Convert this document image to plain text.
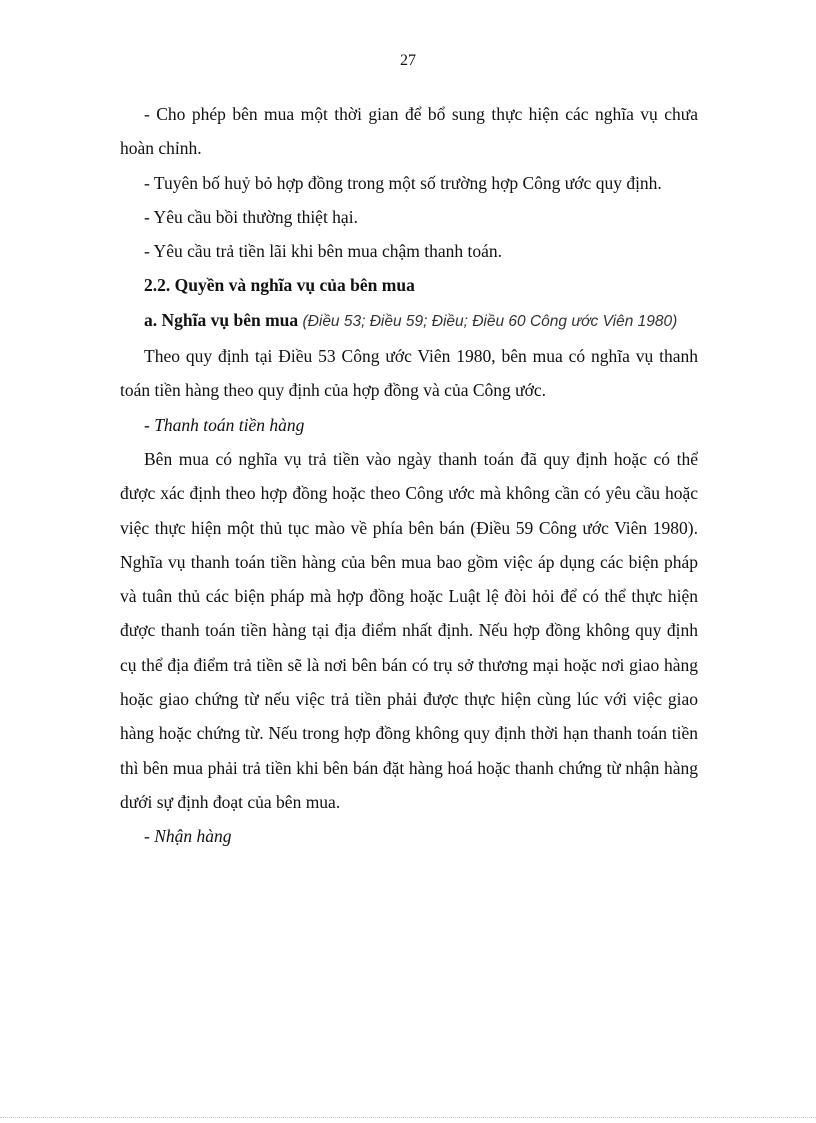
27

- Cho phép bên mua một thời gian để bổ sung thực hiện các nghĩa vụ chưa hoàn chỉnh.

- Tuyên bố huỷ bỏ hợp đồng trong một số trường hợp Công ước quy định.

- Yêu cầu bồi thường thiệt hại.

- Yêu cầu trả tiền lãi khi bên mua chậm thanh toán.

2.2. Quyền và nghĩa vụ của bên mua

a. Nghĩa vụ bên mua (Điều 53; Điều 59; Điều; Điều 60 Công ước Viên 1980)

Theo quy định tại Điều 53 Công ước Viên 1980, bên mua có nghĩa vụ thanh toán tiền hàng theo quy định của hợp đồng và của Công ước.

- Thanh toán tiền hàng

Bên mua có nghĩa vụ trả tiền vào ngày thanh toán đã quy định hoặc có thể được xác định theo hợp đồng hoặc theo Công ước mà không cần có yêu cầu hoặc việc thực hiện một thủ tục mào về phía bên bán (Điều 59 Công ước Viên 1980). Nghĩa vụ thanh toán tiền hàng của bên mua bao gồm việc áp dụng các biện pháp và tuân thủ các biện pháp mà hợp đồng hoặc Luật lệ đòi hỏi để có thể thực hiện được thanh toán tiền hàng tại địa điểm nhất định. Nếu hợp đồng không quy định cụ thể địa điểm trả tiền sẽ là nơi bên bán có trụ sở thương mại hoặc nơi giao hàng hoặc giao chứng từ nếu việc trả tiền phải được thực hiện cùng lúc với việc giao hàng hoặc chứng từ. Nếu trong hợp đồng không quy định thời hạn thanh toán tiền thì bên mua phải trả tiền khi bên bán đặt hàng hoá hoặc thanh chứng từ nhận hàng dưới sự định đoạt của bên mua.

- Nhận hàng
